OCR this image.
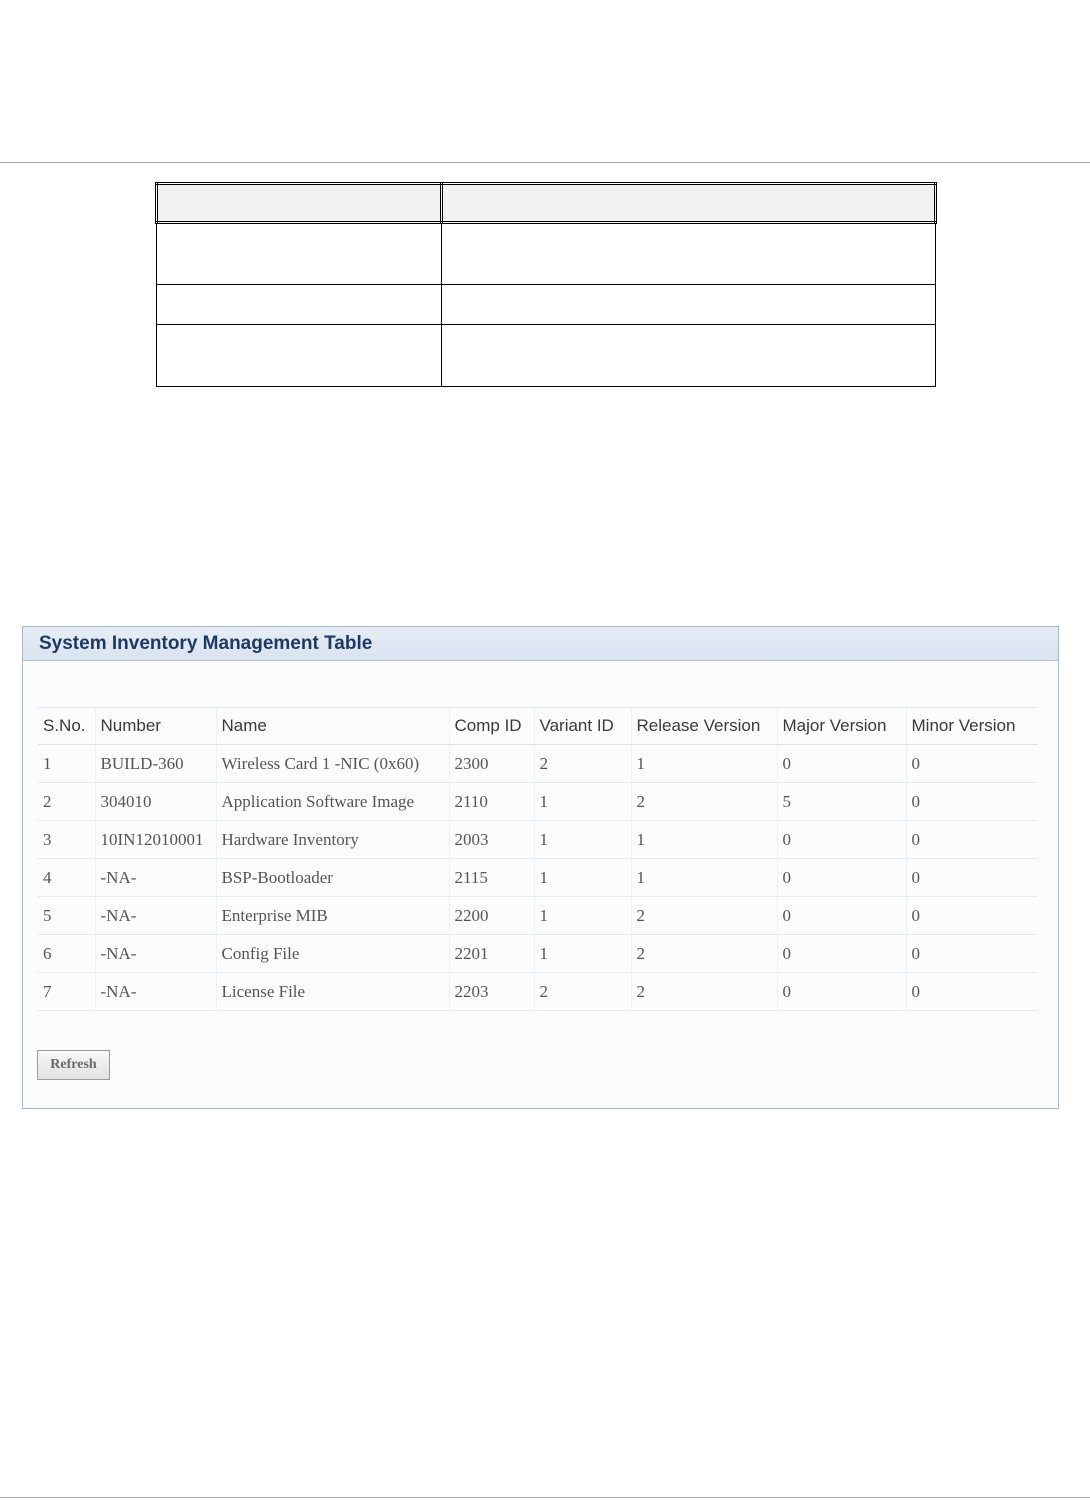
System Inventory Management Table
S.No.	Number	Name	Comp ID	Variant ID	Release Version	Major Version	Minor Version
1	BUILD-360	Wireless Card 1 -NIC (0x60)	2300	2	1	0	0
2	304010	Application Software Image	2110	1	2	5	0
3	10IN12010001	Hardware Inventory	2003	1	1	0	0
4	-NA-	BSP-Bootloader	2115	1	1	0	0
5	-NA-	Enterprise MIB	2200	1	2	0	0
6	-NA-	Config File	2201	1	2	0	0
7	-NA-	License File	2203	2	2	0	0
Refresh
